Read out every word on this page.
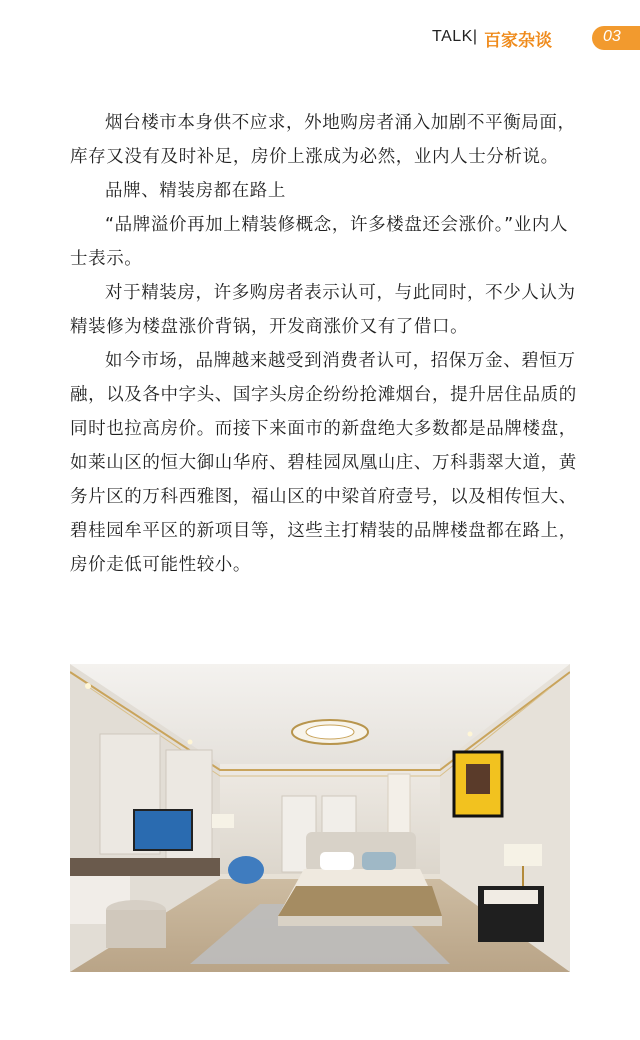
TALK| 百家杂谈	03

烟台楼市本身供不应求，外地购房者涌入加剧不平衡局面，库存又没有及时补足，房价上涨成为必然，业内人士分析说。

品牌、精装房都在路上

“品牌溢价再加上精装修概念，许多楼盘还会涨价。”业内人士表示。

对于精装房，许多购房者表示认可，与此同时，不少人认为精装修为楼盘涨价背锅，开发商涨价又有了借口。

如今市场，品牌越来越受到消费者认可，招保万金、碧恒万融，以及各中字头、国字头房企纷纷抢滩烟台，提升居住品质的同时也拉高房价。而接下来面市的新盘绝大多数都是品牌楼盘，如莱山区的恒大御山华府、碧桂园凤凰山庄、万科翡翠大道，黄务片区的万科西雅图，福山区的中梁首府壹号，以及相传恒大、碧桂园牟平区的新项目等，这些主打精装的品牌楼盘都在路上，房价走低可能性较小。
